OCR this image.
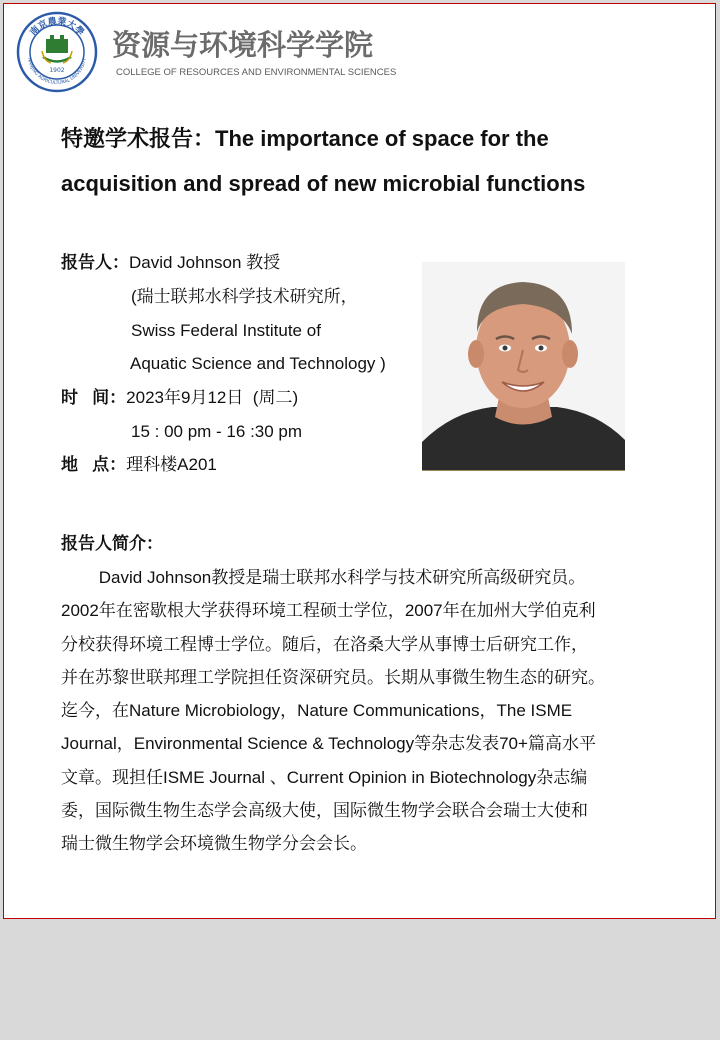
南京農業大學
NANJING AGRICULTURAL UNIVERSITY
1902
资源与环境科学学院
COLLEGE OF RESOURCES AND ENVIRONMENTAL SCIENCES
特邀学术报告：The importance of space for the
acquisition and spread of new microbial functions
报告人：David Johnson 教授
(瑞士联邦水科学技术研究所，
Swiss Federal Institute of
Aquatic Science and Technology )
时   间：2023年9月12日  (周二)
15 : 00 pm - 16 :30 pm
地   点：理科楼A201
报告人简介：
David Johnson教授是瑞士联邦水科学与技术研究所高级研究员。
2002年在密歇根大学获得环境工程硕士学位，2007年在加州大学伯克利
分校获得环境工程博士学位。随后，在洛桑大学从事博士后研究工作，
并在苏黎世联邦理工学院担任资深研究员。长期从事微生物生态的研究。
迄今，在Nature Microbiology，Nature Communications，The ISME
Journal，Environmental Science & Technology等杂志发表70+篇高水平
文章。现担任ISME Journal 、Current Opinion in Biotechnology杂志编
委，国际微生物生态学会高级大使，国际微生物学会联合会瑞士大使和
瑞士微生物学会环境微生物学分会会长。
